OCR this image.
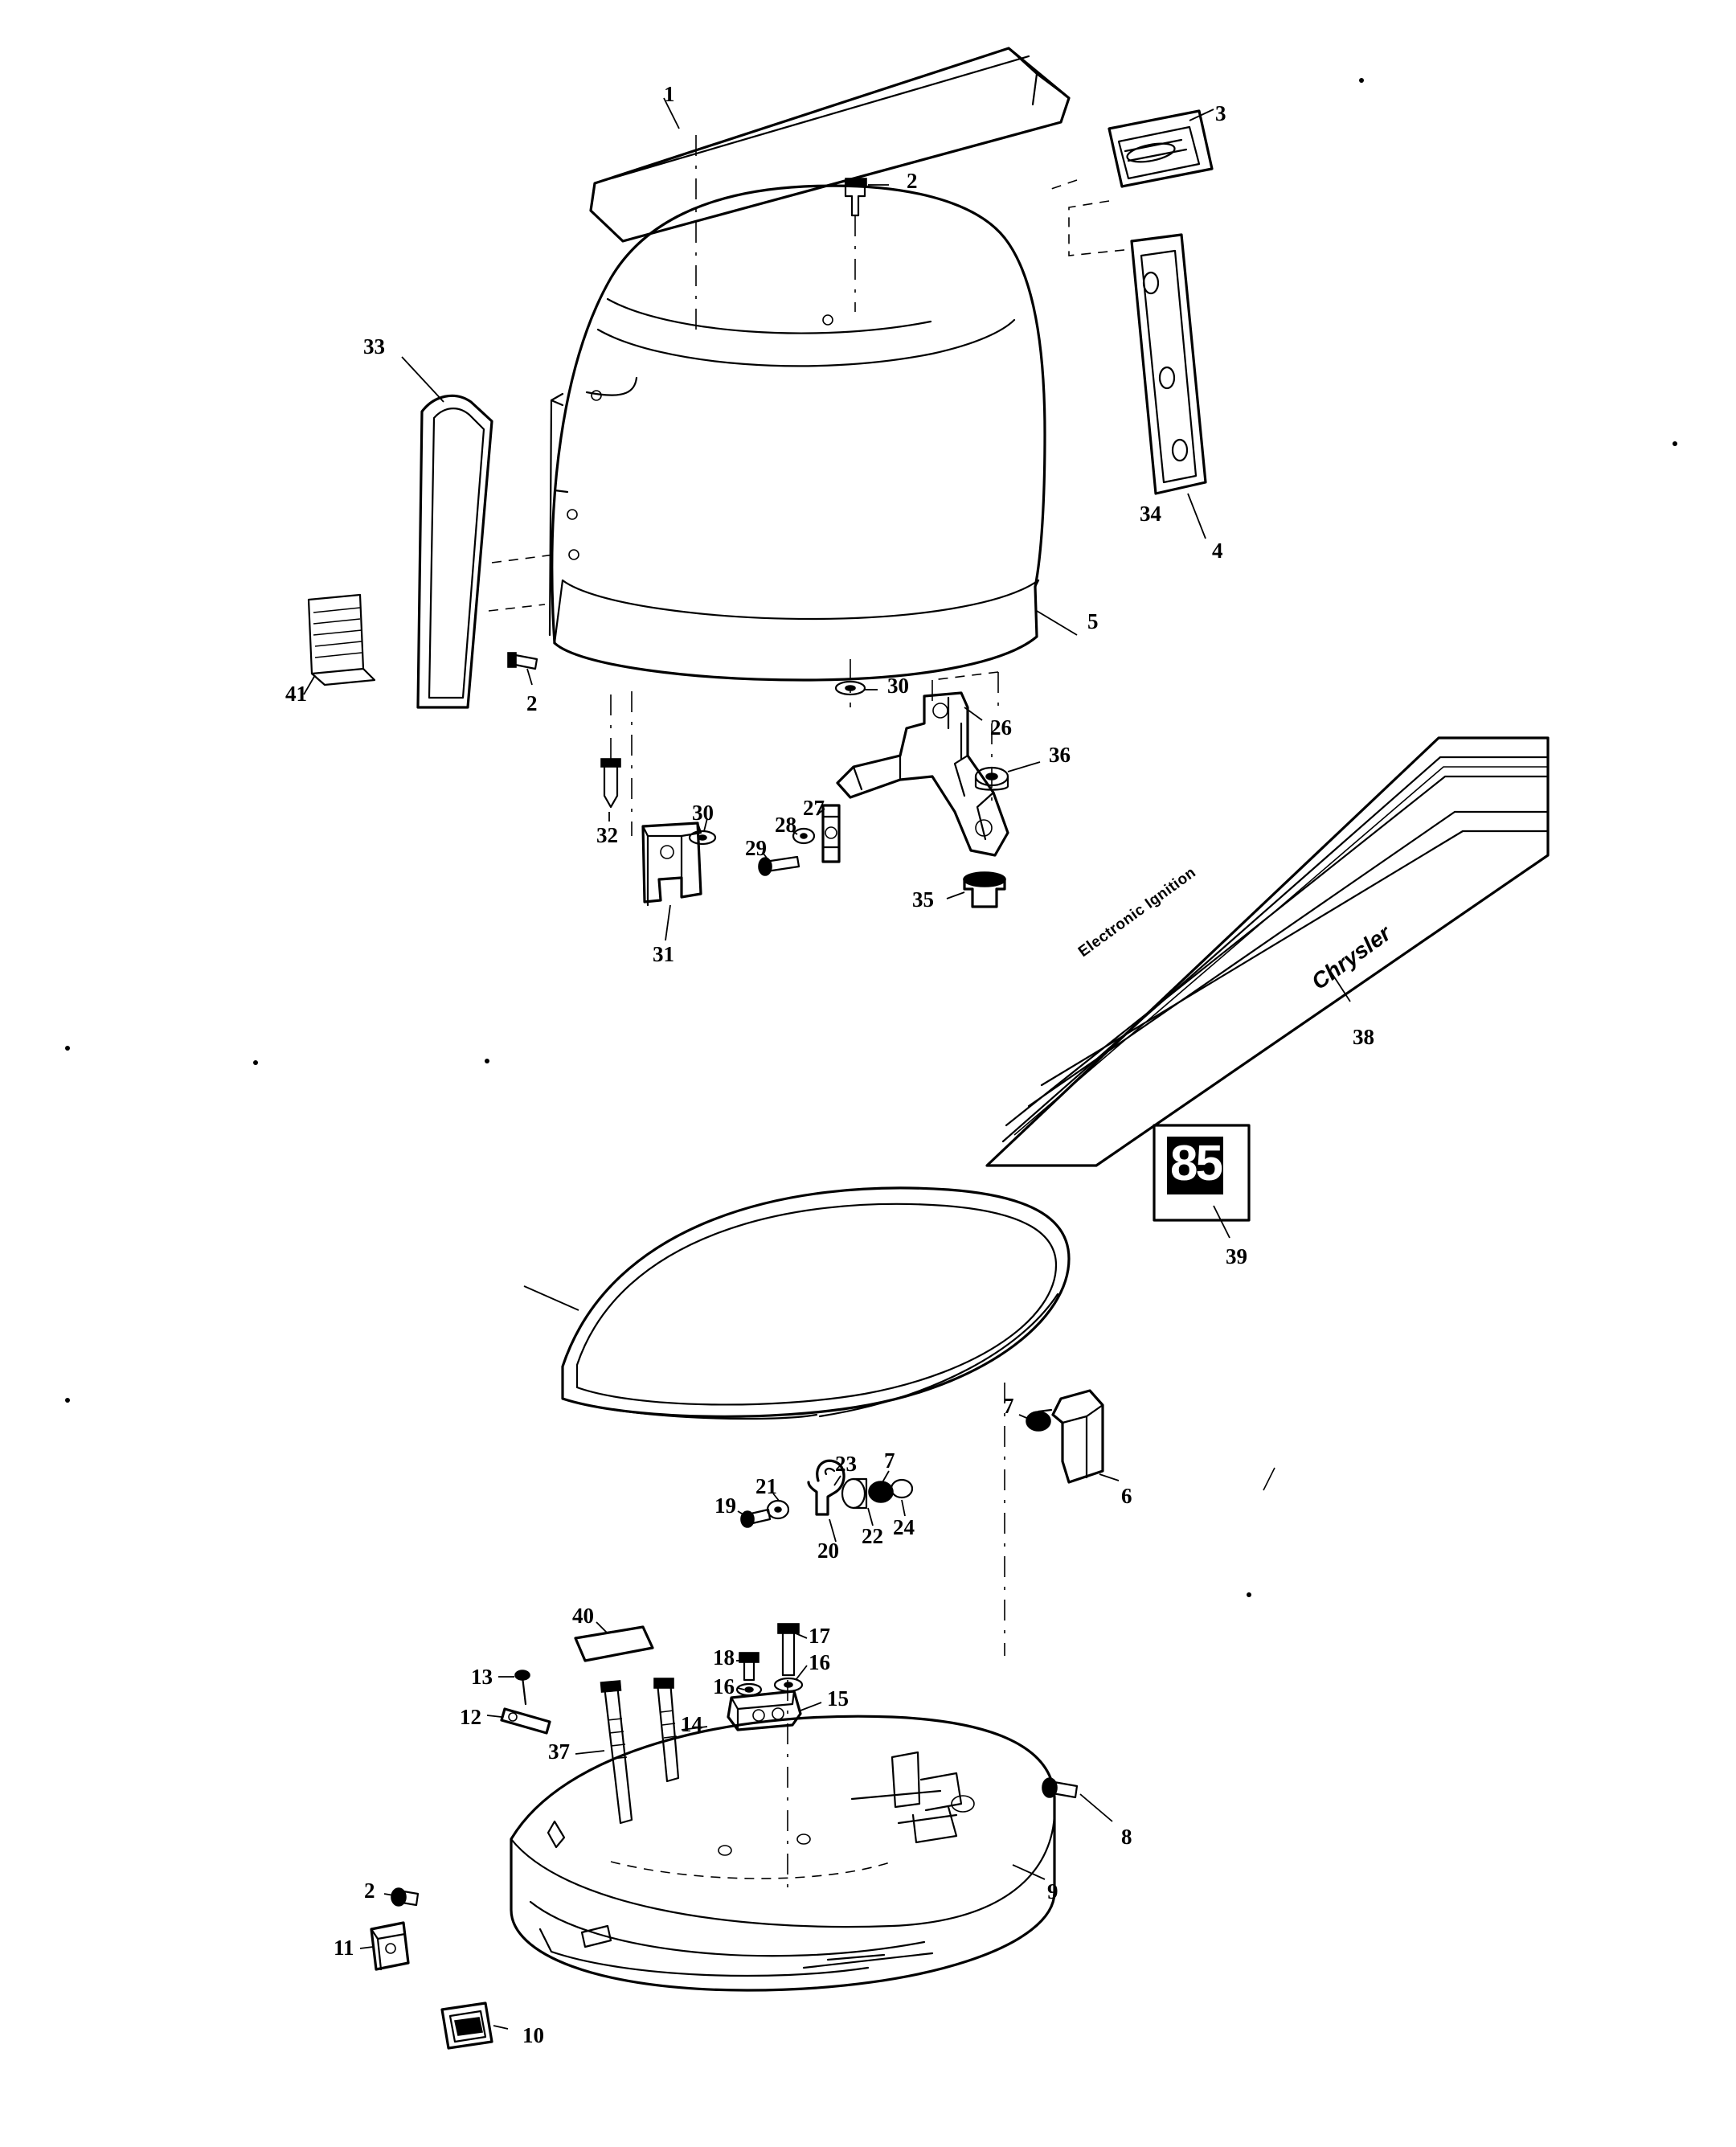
Electronic Ignition	Chrysler
85
1
3
2
33
34
4
5
41	2
30
26
36
32
30
29
28
27
35
31
38
39
7
6
23 7
21
19
22 24
20
40
17
18	16
16
13
15
12	14
37
8
9
2
11
10
